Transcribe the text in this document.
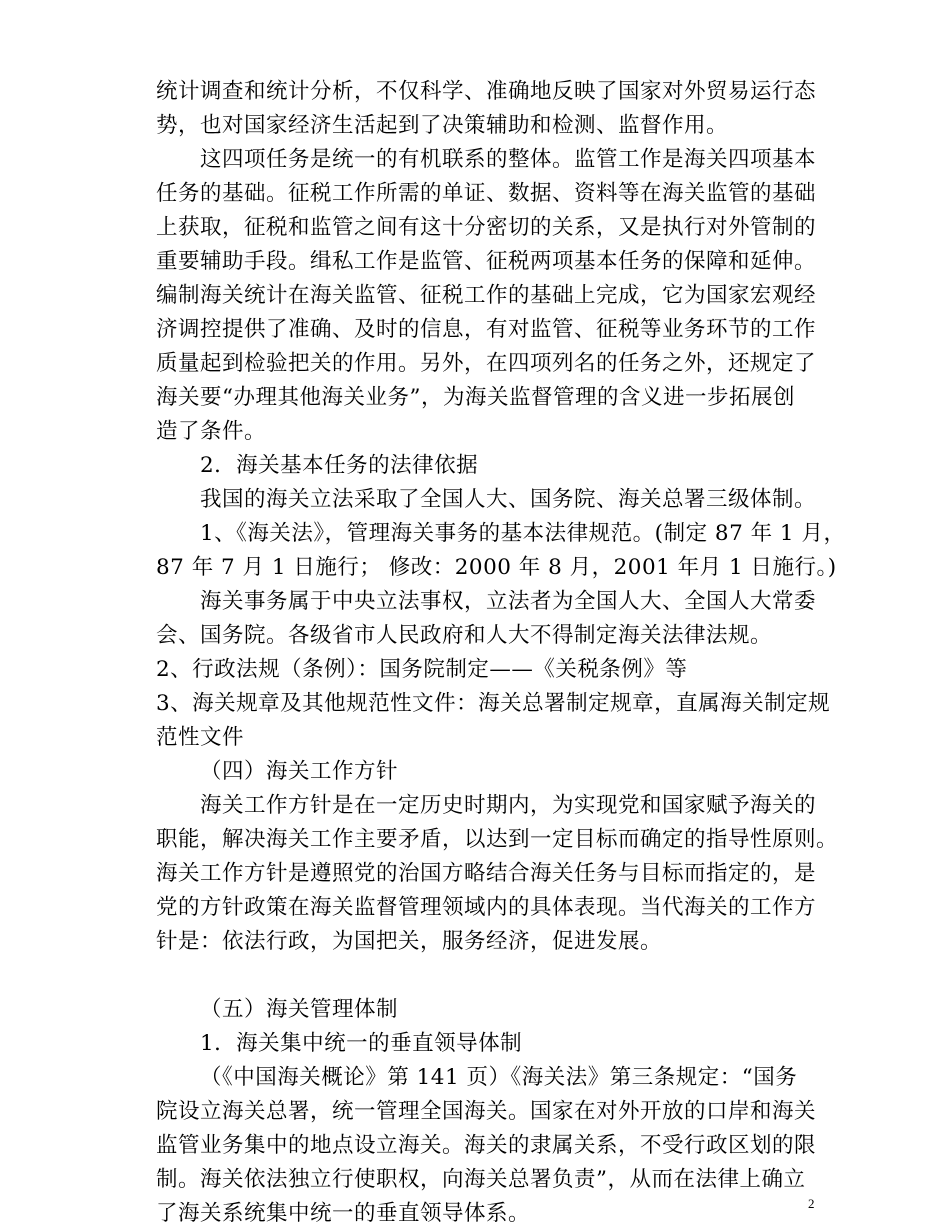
统计调查和统计分析，不仅科学、准确地反映了国家对外贸易运行态
势，也对国家经济生活起到了决策辅助和检测、监督作用。
这四项任务是统一的有机联系的整体。监管工作是海关四项基本
任务的基础。征税工作所需的单证、数据、资料等在海关监管的基础
上获取，征税和监管之间有这十分密切的关系，又是执行对外管制的
重要辅助手段。缉私工作是监管、征税两项基本任务的保障和延伸。
编制海关统计在海关监管、征税工作的基础上完成，它为国家宏观经
济调控提供了准确、及时的信息，有对监管、征税等业务环节的工作
质量起到检验把关的作用。另外，在四项列名的任务之外，还规定了
海关要“办理其他海关业务”，为海关监督管理的含义进一步拓展创
造了条件。
2．海关基本任务的法律依据
我国的海关立法采取了全国人大、国务院、海关总署三级体制。
1、《海关法》，管理海关事务的基本法律规范。(制定 87 年 1 月，
87 年 7 月 1 日施行； 修改：2000 年 8 月，2001 年月 1 日施行。)
海关事务属于中央立法事权，立法者为全国人大、全国人大常委
会、国务院。各级省市人民政府和人大不得制定海关法律法规。
2、行政法规（条例）：国务院制定——《关税条例》等
3、海关规章及其他规范性文件：海关总署制定规章，直属海关制定规
范性文件
（四）海关工作方针
海关工作方针是在一定历史时期内，为实现党和国家赋予海关的
职能，解决海关工作主要矛盾，以达到一定目标而确定的指导性原则。
海关工作方针是遵照党的治国方略结合海关任务与目标而指定的，是
党的方针政策在海关监督管理领域内的具体表现。当代海关的工作方
针是：依法行政，为国把关，服务经济，促进发展。
（五）海关管理体制
1．海关集中统一的垂直领导体制
（《中国海关概论》第 141 页）《海关法》第三条规定：“国务
院设立海关总署，统一管理全国海关。国家在对外开放的口岸和海关
监管业务集中的地点设立海关。海关的隶属关系，不受行政区划的限
制。海关依法独立行使职权，向海关总署负责”，从而在法律上确立
了海关系统集中统一的垂直领导体系。	2
